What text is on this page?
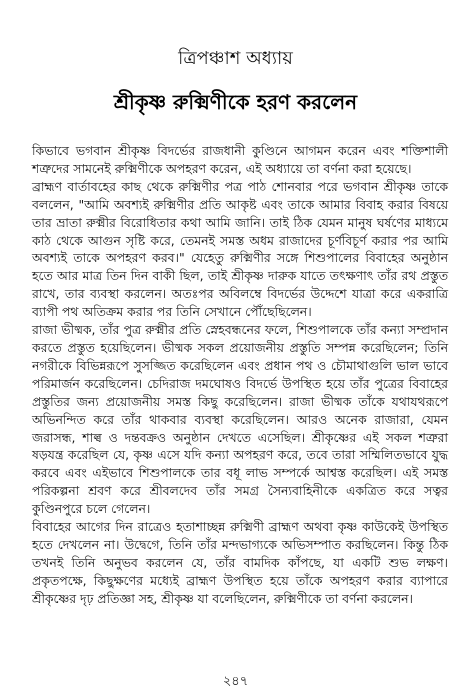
ত্রিপঞ্চাশ অধ্যায়
শ্রীকৃষ্ণ রুক্মিণীকে হরণ করলেন

কিভাবে ভগবান শ্রীকৃষ্ণ বিদর্ভের রাজধানী কুণ্ডিনে আগমন করেন এবং শক্তিশালী শত্রুদের সামনেই রুক্মিণীকে অপহরণ করেন, এই অধ্যায়ে তা বর্ণনা করা হয়েছে।

ব্রাহ্মণ বার্তাবহের কাছ থেকে রুক্মিণীর পত্র পাঠ শোনবার পরে ভগবান শ্রীকৃষ্ণ তাকে বললেন, "আমি অবশ্যই রুক্মিণীর প্রতি আকৃষ্ট এবং তাকে আমার বিবাহ করার বিষয়ে তার ভ্রাতা রুক্মীর বিরোধিতার কথা আমি জানি। তাই ঠিক যেমন মানুষ ঘর্ষণের মাধ্যমে কাঠ থেকে আগুন সৃষ্টি করে, তেমনই সমস্ত অধম রাজাদের চূর্ণবিচূর্ণ করার পর আমি অবশ্যই তাকে অপহরণ করব।" যেহেতু রুক্মিণীর সঙ্গে শিশুপালের বিবাহের অনুষ্ঠান হতে আর মাত্র তিন দিন বাকী ছিল, তাই শ্রীকৃষ্ণ দারুক যাতে তৎক্ষণাৎ তাঁর রথ প্রস্তুত রাখে, তার ব্যবস্থা করলেন। অতঃপর অবিলম্বে বিদর্ভের উদ্দেশে যাত্রা করে একরাত্রি ব্যাপী পথ অতিক্রম করার পর তিনি সেখানে পৌঁছেছিলেন।

রাজা ভীষ্মক, তাঁর পুত্র রুক্মীর প্রতি স্নেহবন্ধনের ফলে, শিশুপালকে তাঁর কন্যা সম্প্রদান করতে প্রস্তুত হয়েছিলেন। ভীষ্মক সকল প্রয়োজনীয় প্রস্তুতি সম্পন্ন করেছিলেন; তিনি নগরীকে বিভিন্নরূপে সুসজ্জিত করেছিলেন এবং প্রধান পথ ও চৌমাথাগুলি ভাল ভাবে পরিমার্জন করেছিলেন। চেদিরাজ দমঘোষও বিদর্ভে উপস্থিত হয়ে তাঁর পুত্রের বিবাহের প্রস্তুতির জন্য প্রয়োজনীয় সমস্ত কিছু করেছিলেন। রাজা ভীষ্মক তাঁকে যথাযথরূপে অভিনন্দিত করে তাঁর থাকবার ব্যবস্থা করেছিলেন। আরও অনেক রাজারা, যেমন জরাসন্ধ, শাল্ব ও দন্তবক্রও অনুষ্ঠান দেখতে এসেছিল। শ্রীকৃষ্ণের এই সকল শত্রুরা ষড়যন্ত্র করেছিল যে, কৃষ্ণ এসে যদি কন্যা অপহরণ করে, তবে তারা সম্মিলিতভাবে যুদ্ধ করবে এবং এইভাবে শিশুপালকে তার বধূ লাভ সম্পর্কে আশ্বস্ত করেছিল। এই সমস্ত পরিকল্পনা শ্রবণ করে শ্রীবলদেব তাঁর সমগ্র সৈন্যবাহিনীকে একত্রিত করে সত্বর কুণ্ডিনপুরে চলে গেলেন।

বিবাহের আগের দিন রাত্রেও হতাশাচ্ছন্ন রুক্মিণী ব্রাহ্মণ অথবা কৃষ্ণ কাউকেই উপস্থিত হতে দেখলেন না। উদ্বেগে, তিনি তাঁর মন্দভাগ্যকে অভিসম্পাত করছিলেন। কিন্তু ঠিক তখনই তিনি অনুভব করলেন যে, তাঁর বামদিক কাঁপছে, যা একটি শুভ লক্ষণ। প্রকৃতপক্ষে, কিছুক্ষণের মধ্যেই ব্রাহ্মণ উপস্থিত হয়ে তাঁকে অপহরণ করার ব্যাপারে শ্রীকৃষ্ণের দৃঢ় প্রতিজ্ঞা সহ, শ্রীকৃষ্ণ যা বলেছিলেন, রুক্মিণীকে তা বর্ণনা করলেন।

২৪৭
